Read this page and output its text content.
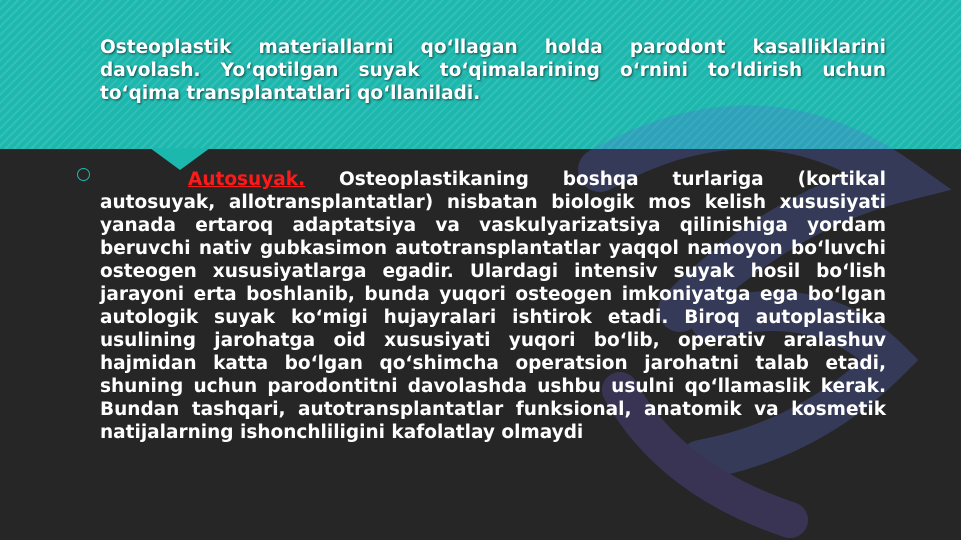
Osteoplastik materiallarni qo‘llagan holda parodont kasalliklarini davolash. Yo‘qotilgan suyak to‘qimalarining o‘rnini to‘ldirish uchun to‘qima transplantatlari qo‘llaniladi.

Autosuyak. Osteoplastikaning boshqa turlariga (kortikal autosuyak, allotransplantatlar) nisbatan biologik mos kelish xususiyati yanada ertaroq adaptatsiya va vaskulyarizatsiya qilinishiga yordam beruvchi nativ gubkasimon autotransplantatlar yaqqol namoyon bo‘luvchi osteogen xususiyatlarga egadir. Ulardagi intensiv suyak hosil bo‘lish jarayoni erta boshlanib, bunda yuqori osteogen imkoniyatga ega bo‘lgan autologik suyak ko‘migi hujayralari ishtirok etadi. Biroq autoplastika usulining jarohatga oid xususiyati yuqori bo‘lib, operativ aralashuv hajmidan katta bo‘lgan qo‘shimcha operatsion jarohatni talab etadi, shuning uchun parodontitni davolashda ushbu usulni qo‘llamaslik kerak. Bundan tashqari, autotransplantatlar funksional, anatomik va kosmetik natijalarning ishonchliligini kafolatlay olmaydi
